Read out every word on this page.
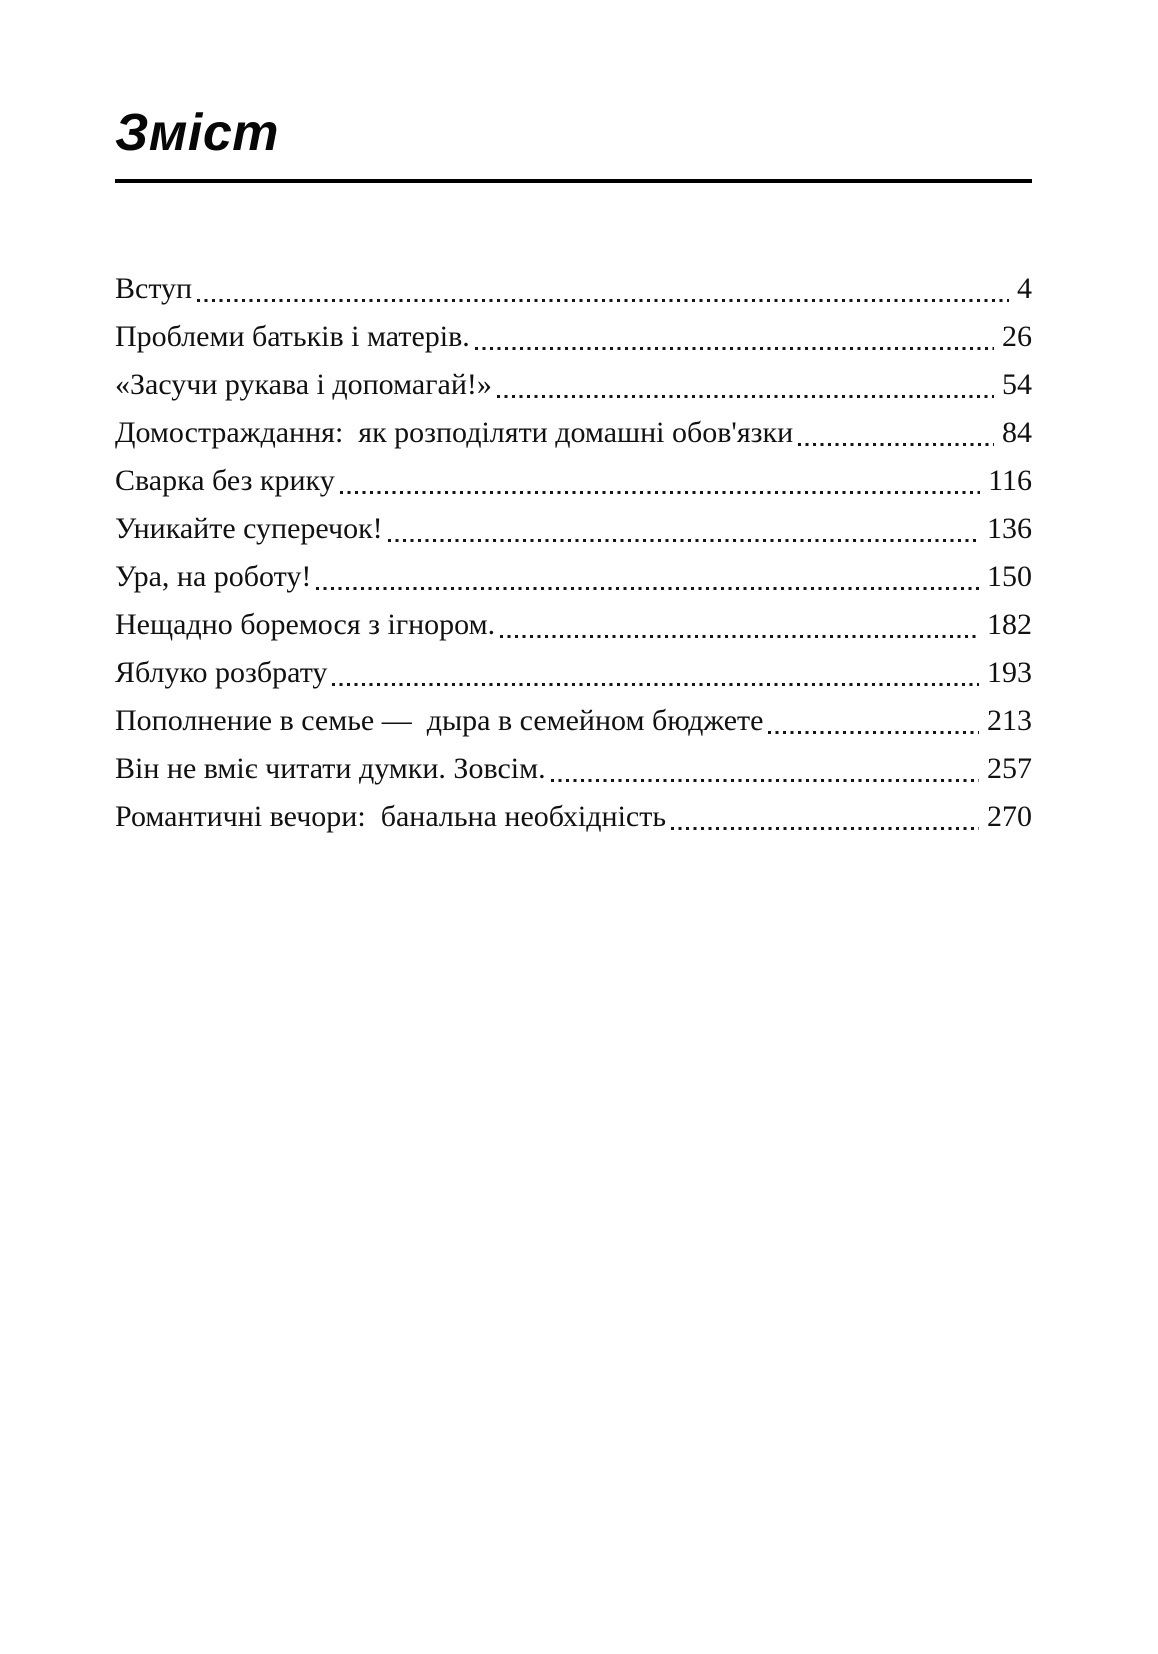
Зміст
Вступ	4
Проблеми батьків і матерів.	26
«Засучи рукава і допомагай!»	54
Домостраждання:  як розподіляти домашні обов'язки	84
Сварка без крику	116
Уникайте суперечок!	136
Ура, на роботу!	150
Нещадно боремося з ігнором.	182
Яблуко розбрату	193
Пополнение в семье —  дыра в семейном бюджете	213
Він не вміє читати думки. Зовсім.	257
Романтичні вечори:  банальна необхідність	270
